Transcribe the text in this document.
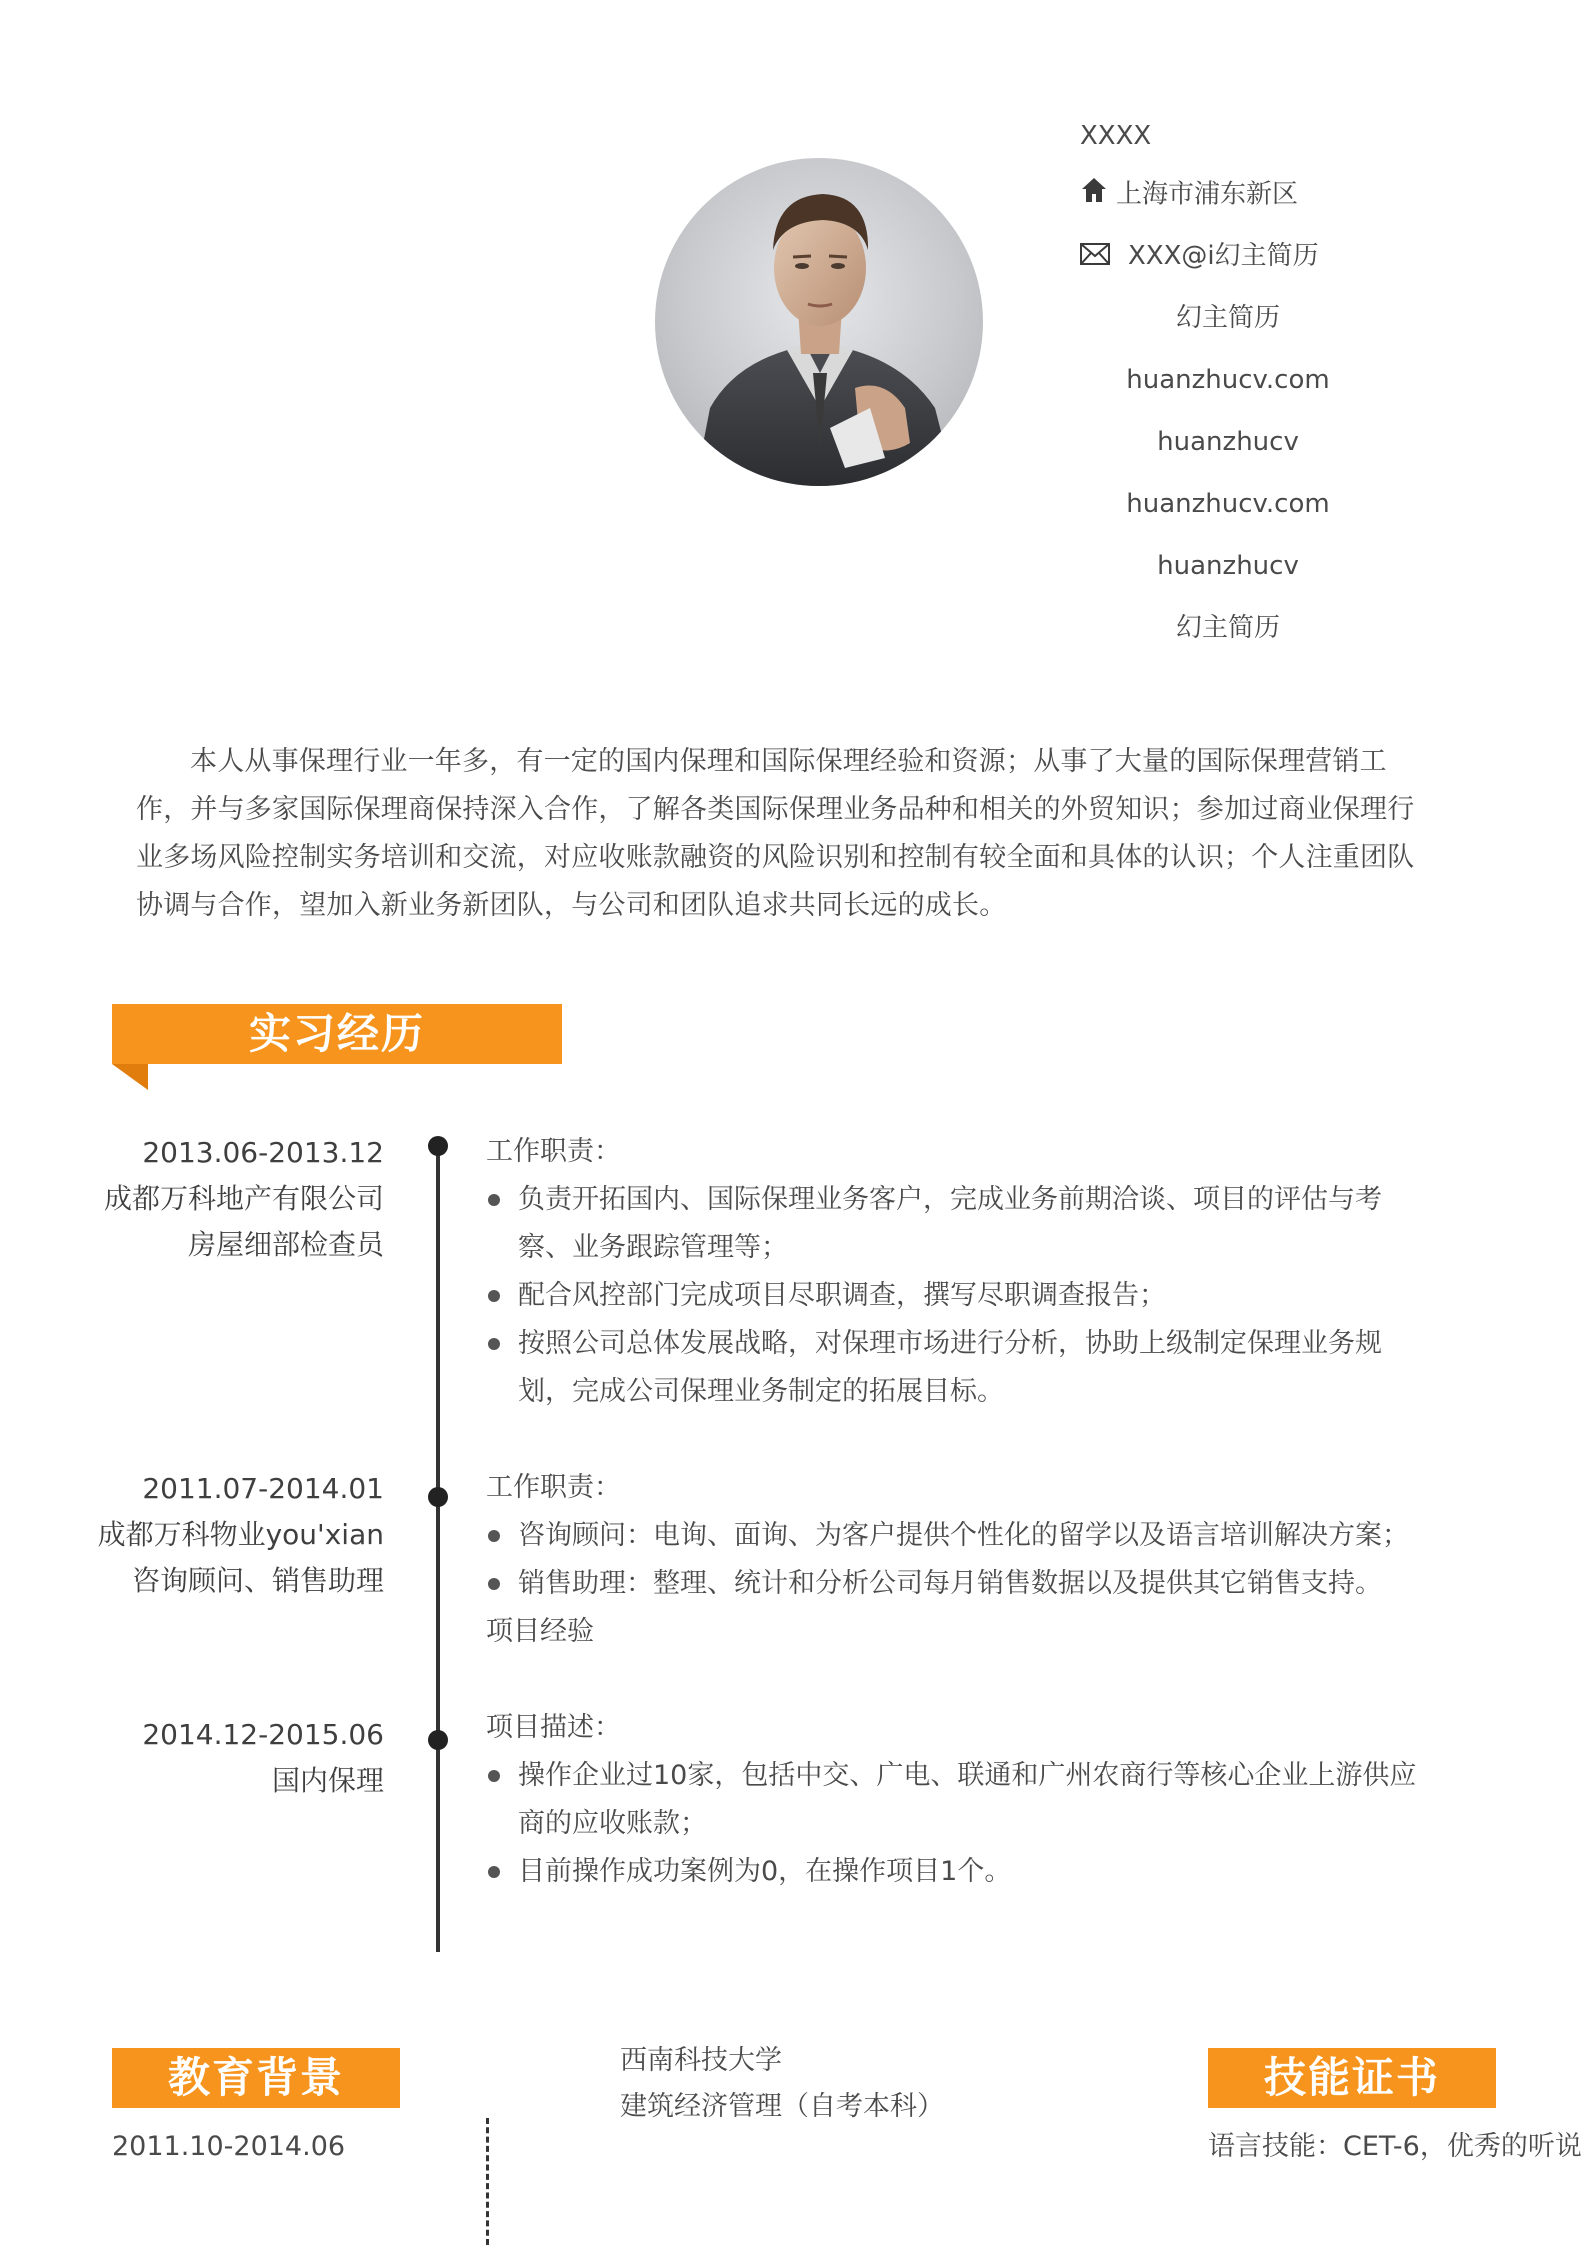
XXXX
上海市浦东新区
XXX@i幻主简历
幻主简历
huanzhucv.com
huanzhucv
huanzhucv.com
huanzhucv
幻主简历
本人从事保理行业一年多，有一定的国内保理和国际保理经验和资源；从事了大量的国际保理营销工作，并与多家国际保理商保持深入合作，了解各类国际保理业务品种和相关的外贸知识；参加过商业保理行业多场风险控制实务培训和交流，对应收账款融资的风险识别和控制有较全面和具体的认识；个人注重团队协调与合作，望加入新业务新团队，与公司和团队追求共同长远的成长。
实习经历
2013.06-2013.12
成都万科地产有限公司
房屋细部检查员
工作职责：
负责开拓国内、国际保理业务客户，完成业务前期洽谈、项目的评估与考察、业务跟踪管理等；
配合风控部门完成项目尽职调查，撰写尽职调查报告；
按照公司总体发展战略，对保理市场进行分析，协助上级制定保理业务规划，完成公司保理业务制定的拓展目标。
2011.07-2014.01
成都万科物业you'xian
咨询顾问、销售助理
工作职责：
咨询顾问：电询、面询、为客户提供个性化的留学以及语言培训解决方案；
销售助理：整理、统计和分析公司每月销售数据以及提供其它销售支持。
项目经验
2014.12-2015.06
国内保理
项目描述：
操作企业过10家，包括中交、广电、联通和广州农商行等核心企业上游供应商的应收账款；
目前操作成功案例为0，在操作项目1个。
教育背景
2011.10-2014.06
西南科技大学
建筑经济管理（自考本科）
技能证书
语言技能：CET-6，优秀的听说
